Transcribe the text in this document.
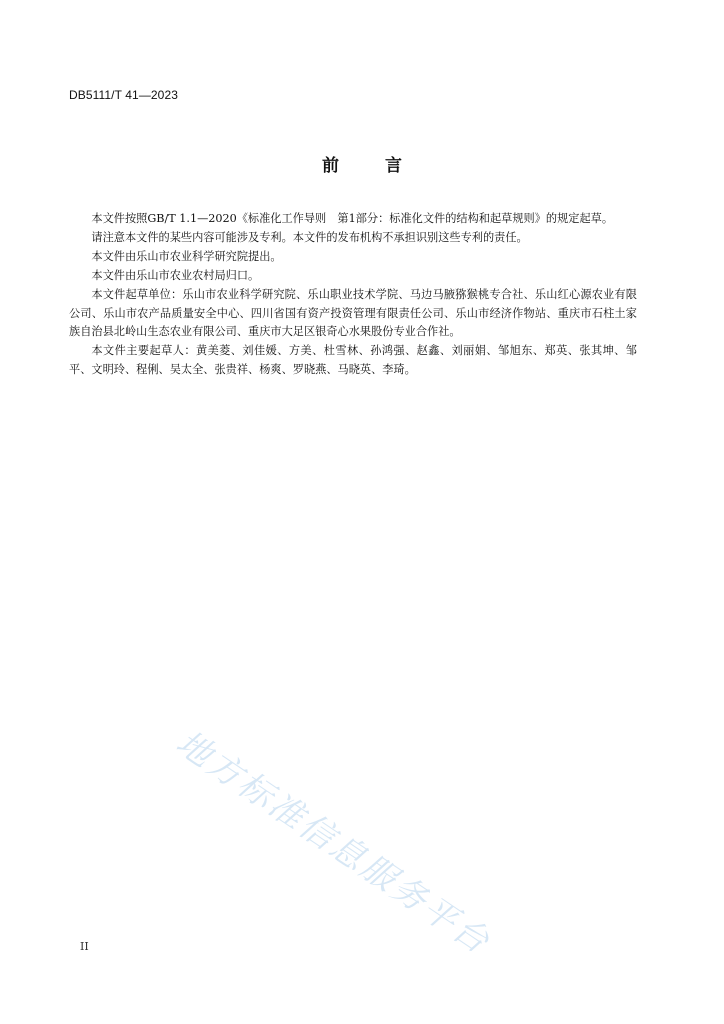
DB5111/T 41—2023
前	言

本文件按照GB/T 1.1—2020《标准化工作导则　第1部分：标准化文件的结构和起草规则》的规定起草。

请注意本文件的某些内容可能涉及专利。本文件的发布机构不承担识别这些专利的责任。

本文件由乐山市农业科学研究院提出。

本文件由乐山市农业农村局归口。

本文件起草单位：乐山市农业科学研究院、乐山职业技术学院、马边马腋猕猴桃专合社、乐山红心源农业有限公司、乐山市农产品质量安全中心、四川省国有资产投资管理有限责任公司、乐山市经济作物站、重庆市石柱土家族自治县北岭山生态农业有限公司、重庆市大足区银奇心水果股份专业合作社。

本文件主要起草人：黄美菱、刘佳媛、方美、杜雪林、孙鸿强、赵鑫、刘丽娟、邹旭东、郑英、张其坤、邹平、文明玲、程俐、吴太全、张贵祥、杨爽、罗晓燕、马晓英、李琦。

地方标准信息服务平台
II
